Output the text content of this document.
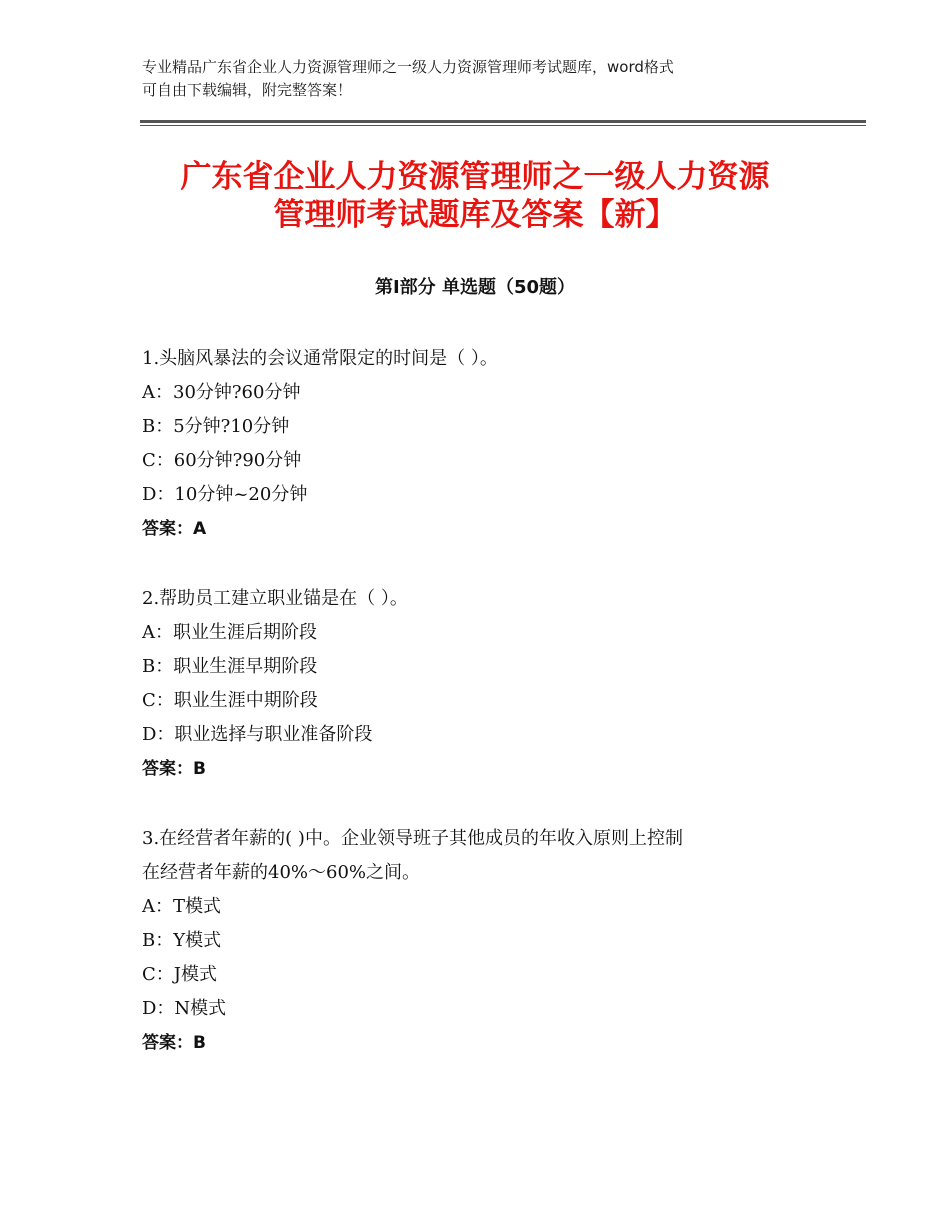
专业精品广东省企业人力资源管理师之一级人力资源管理师考试题库，word格式
可自由下载编辑，附完整答案！
广东省企业人力资源管理师之一级人力资源
管理师考试题库及答案【新】
第Ⅰ部分 单选题（50题）
1.头脑风暴法的会议通常限定的时间是（ ）。
A：30分钟?60分钟
B：5分钟?10分钟
C：60分钟?90分钟
D：10分钟~20分钟
答案：A
2.帮助员工建立职业锚是在（ ）。
A：职业生涯后期阶段
B：职业生涯早期阶段
C：职业生涯中期阶段
D：职业选择与职业准备阶段
答案：B
3.在经营者年薪的( )中。企业领导班子其他成员的年收入原则上控制
在经营者年薪的40%～60%之间。
A：T模式
B：Y模式
C：J模式
D：N模式
答案：B
